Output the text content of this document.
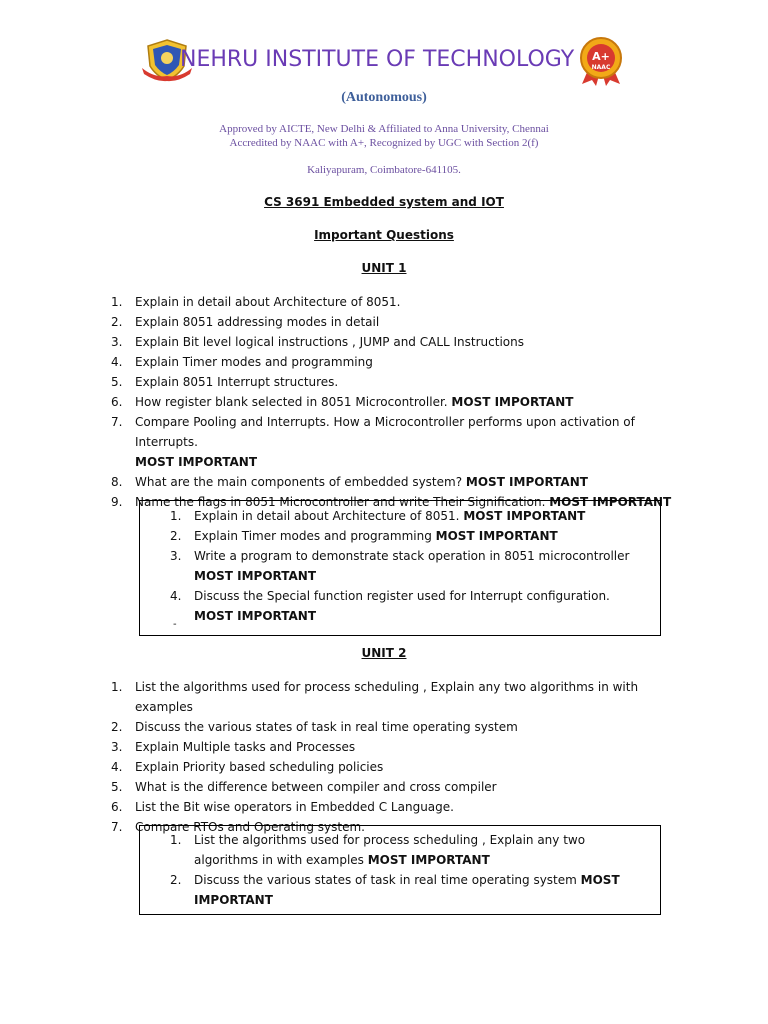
NEHRU INSTITUTE OF TECHNOLOGY	A+
NAAC
(Autonomous)
Approved by AICTE, New Delhi & Affiliated to Anna University, Chennai
Accredited by NAAC with A+, Recognized by UGC with Section 2(f)
Kaliyapuram, Coimbatore-641105.
CS 3691 Embedded system and IOT
Important Questions
UNIT 1
1. Explain in detail about Architecture of 8051.
2. Explain 8051 addressing modes in detail
3. Explain Bit level logical instructions , JUMP and CALL Instructions
4. Explain Timer modes and programming
5. Explain 8051 Interrupt structures.
6. How register blank selected in 8051 Microcontroller. MOST IMPORTANT
7. Compare Pooling and Interrupts. How a Microcontroller performs upon activation of Interrupts.
MOST IMPORTANT
8. What are the main components of embedded system? MOST IMPORTANT
9. Name the flags in 8051 Microcontroller and write Their Signification. MOST IMPORTANT
1. Explain in detail about Architecture of 8051. MOST IMPORTANT
2. Explain Timer modes and programming MOST IMPORTANT
3. Write a program to demonstrate stack operation in 8051 microcontroller
MOST IMPORTANT
4. Discuss the Special function register used for Interrupt configuration.
MOST IMPORTANT
-
UNIT 2
1. List the algorithms used for process scheduling , Explain any two algorithms in with examples
2. Discuss the various states of task in real time operating system
3. Explain Multiple tasks and Processes
4. Explain Priority based scheduling policies
5. What is the difference between compiler and cross compiler
6. List the Bit wise operators in Embedded C Language.
7. Compare RTOs and Operating system.
1. List the algorithms used for process scheduling , Explain any two algorithms in with examples MOST IMPORTANT
2. Discuss the various states of task in real time operating system MOST IMPORTANT
